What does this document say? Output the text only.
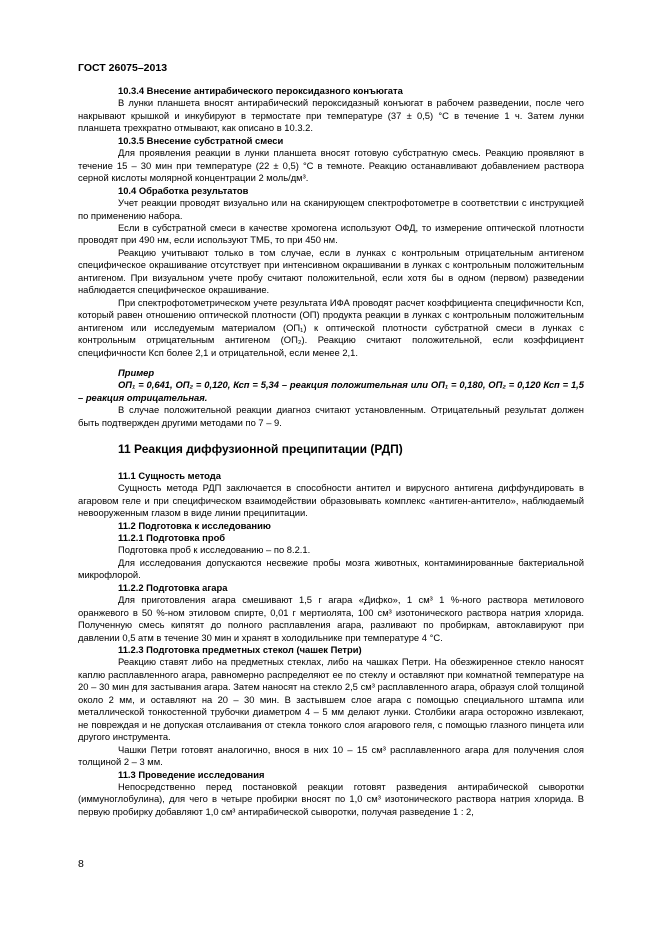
ГОСТ 26075–2013
10.3.4 Внесение антирабического пероксидазного конъюгата
В лунки планшета вносят антирабический пероксидазный конъюгат в рабочем разведении, после чего накрывают крышкой и инкубируют в термостате при температуре (37 ± 0,5) °С в течение 1 ч. Затем лунки планшета трехкратно отмывают, как описано в 10.3.2.
10.3.5 Внесение субстратной смеси
Для проявления реакции в лунки планшета вносят готовую субстратную смесь. Реакцию проявляют в течение 15 – 30 мин при температуре (22 ± 0,5) °С в темноте. Реакцию останавливают добавлением раствора серной кислоты молярной концентрации 2 моль/дм³.
10.4 Обработка результатов
Учет реакции проводят визуально или на сканирующем спектрофотометре в соответствии с инструкцией по применению набора.
Если в субстратной смеси в качестве хромогена используют ОФД, то измерение оптической плотности проводят при 490 нм, если используют ТМБ, то при 450 нм.
Реакцию учитывают только в том случае, если в лунках с контрольным отрицательным антигеном специфическое окрашивание отсутствует при интенсивном окрашивании в лунках с контрольным положительным антигеном. При визуальном учете пробу считают положительной, если хотя бы в одном (первом) разведении наблюдается специфическое окрашивание.
При спектрофотометрическом учете результата ИФА проводят расчет коэффициента специфичности Ксп, который равен отношению оптической плотности (ОП) продукта реакции в лунках с контрольным положительным антигеном или исследуемым материалом (ОП₁) к оптической плотности субстратной смеси в лунках с контрольным отрицательным антигеном (ОП₂). Реакцию считают положительной, если коэффициент специфичности Ксп более 2,1 и отрицательной, если менее 2,1.
Пример
ОП₁ = 0,641, ОП₂ = 0,120, Ксп = 5,34 – реакция положительная или ОП₁ = 0,180, ОП₂ = 0,120 Ксп = 1,5 – реакция отрицательная.
В случае положительной реакции диагноз считают установленным. Отрицательный результат должен быть подтвержден другими методами по 7 – 9.
11 Реакция диффузионной преципитации (РДП)
11.1 Сущность метода
Сущность метода РДП заключается в способности антител и вирусного антигена диффундировать в агаровом геле и при специфическом взаимодействии образовывать комплекс «антиген-антитело», наблюдаемый невооруженным глазом в виде линии преципитации.
11.2 Подготовка к исследованию
11.2.1 Подготовка проб
Подготовка проб к исследованию – по 8.2.1.
Для исследования допускаются несвежие пробы мозга животных, контаминированные бактериальной микрофлорой.
11.2.2 Подготовка агара
Для приготовления агара смешивают 1,5 г агара «Дифко», 1 см³ 1 %-ного раствора метилового оранжевого в 50 %-ном этиловом спирте, 0,01 г мертиолята, 100 см³ изотонического раствора натрия хлорида. Полученную смесь кипятят до полного расплавления агара, разливают по пробиркам, автоклавируют при давлении 0,5 атм в течение 30 мин и хранят в холодильнике при температуре 4 °С.
11.2.3 Подготовка предметных стекол (чашек Петри)
Реакцию ставят либо на предметных стеклах, либо на чашках Петри. На обезжиренное стекло наносят каплю расплавленного агара, равномерно распределяют ее по стеклу и оставляют при комнатной температуре на 20 – 30 мин для застывания агара. Затем наносят на стекло 2,5 см³ расплавленного агара, образуя слой толщиной около 2 мм, и оставляют на 20 – 30 мин. В застывшем слое агара с помощью специального штампа или металлической тонкостенной трубочки диаметром 4 – 5 мм делают лунки. Столбики агара осторожно извлекают, не повреждая и не допуская отслаивания от стекла тонкого слоя агарового геля, с помощью глазного пинцета или другого инструмента.
Чашки Петри готовят аналогично, внося в них 10 – 15 см³ расплавленного агара для получения слоя толщиной 2 – 3 мм.
11.3 Проведение исследования
Непосредственно перед постановкой реакции готовят разведения антирабической сыворотки (иммуноглобулина), для чего в четыре пробирки вносят по 1,0 см³ изотонического раствора натрия хлорида. В первую пробирку добавляют 1,0 см³ антирабической сыворотки, получая разведение 1 : 2,
8
